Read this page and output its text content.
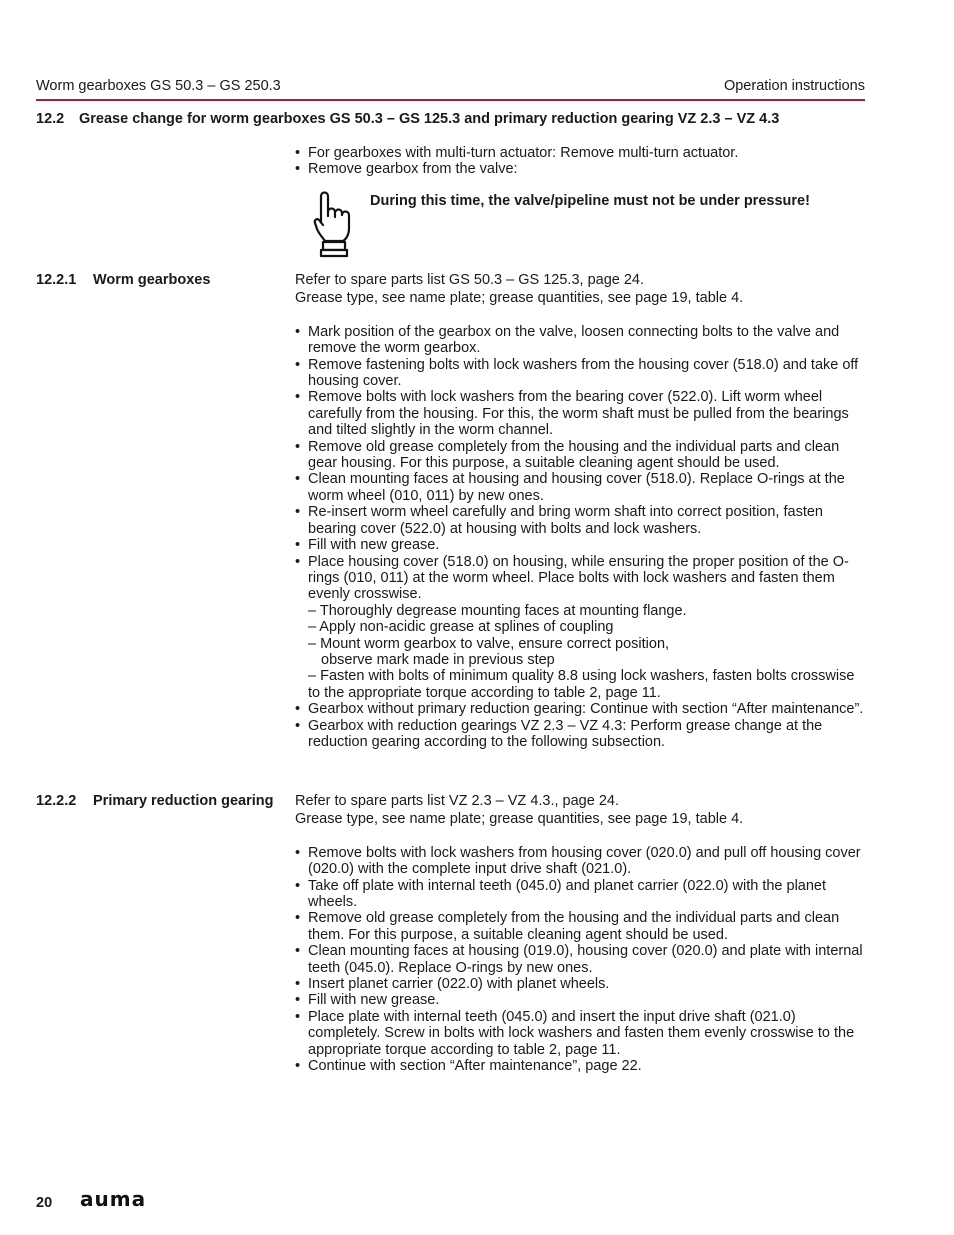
Worm gearboxes GS 50.3 – GS 250.3	Operation instructions
12.2 Grease change for worm gearboxes GS 50.3 – GS 125.3 and primary reduction gearing VZ 2.3 – VZ 4.3
• For gearboxes with multi-turn actuator: Remove multi-turn actuator.
• Remove gearbox from the valve:
During this time, the valve/pipeline must not be under pressure!
12.2.1 Worm gearboxes	Refer to spare parts list GS 50.3 – GS 125.3, page 24.
Grease type, see name plate; grease quantities, see page 19, table 4.
• Mark position of the gearbox on the valve, loosen connecting bolts to the valve and remove the worm gearbox.
• Remove fastening bolts with lock washers from the housing cover (518.0) and take off housing cover.
• Remove bolts with lock washers from the bearing cover (522.0). Lift worm wheel carefully from the housing. For this, the worm shaft must be pulled from the bearings and tilted slightly in the worm channel.
• Remove old grease completely from the housing and the individual parts and clean gear housing. For this purpose, a suitable cleaning agent should be used.
• Clean mounting faces at housing and housing cover (518.0). Replace O-rings at the worm wheel (010, 011) by new ones.
• Re-insert worm wheel carefully and bring worm shaft into correct position, fasten bearing cover (522.0) at housing with bolts and lock washers.
• Fill with new grease.
• Place housing cover (518.0) on housing, while ensuring the proper position of the O-rings (010, 011) at the worm wheel. Place bolts with lock washers and fasten them evenly crosswise.
– Thoroughly degrease mounting faces at mounting flange.
– Apply non-acidic grease at splines of coupling
– Mount worm gearbox to valve, ensure correct position,
observe mark made in previous step
– Fasten with bolts of minimum quality 8.8 using lock washers, fasten bolts crosswise to the appropriate torque according to table 2, page 11.
• Gearbox without primary reduction gearing: Continue with section “After maintenance”.
• Gearbox with reduction gearings VZ 2.3 – VZ 4.3: Perform grease change at the reduction gearing according to the following subsection.
12.2.2 Primary reduction gearing Refer to spare parts list VZ 2.3 – VZ 4.3., page 24.
Grease type, see name plate; grease quantities, see page 19, table 4.
• Remove bolts with lock washers from housing cover (020.0) and pull off housing cover (020.0) with the complete input drive shaft (021.0).
• Take off plate with internal teeth (045.0) and planet carrier (022.0) with the planet wheels.
• Remove old grease completely from the housing and the individual parts and clean them. For this purpose, a suitable cleaning agent should be used.
• Clean mounting faces at housing (019.0), housing cover (020.0) and plate with internal teeth (045.0). Replace O-rings by new ones.
• Insert planet carrier (022.0) with planet wheels.
• Fill with new grease.
• Place plate with internal teeth (045.0) and insert the input drive shaft (021.0) completely. Screw in bolts with lock washers and fasten them evenly crosswise to the appropriate torque according to table 2, page 11.
• Continue with section “After maintenance”, page 22.
20 auma
